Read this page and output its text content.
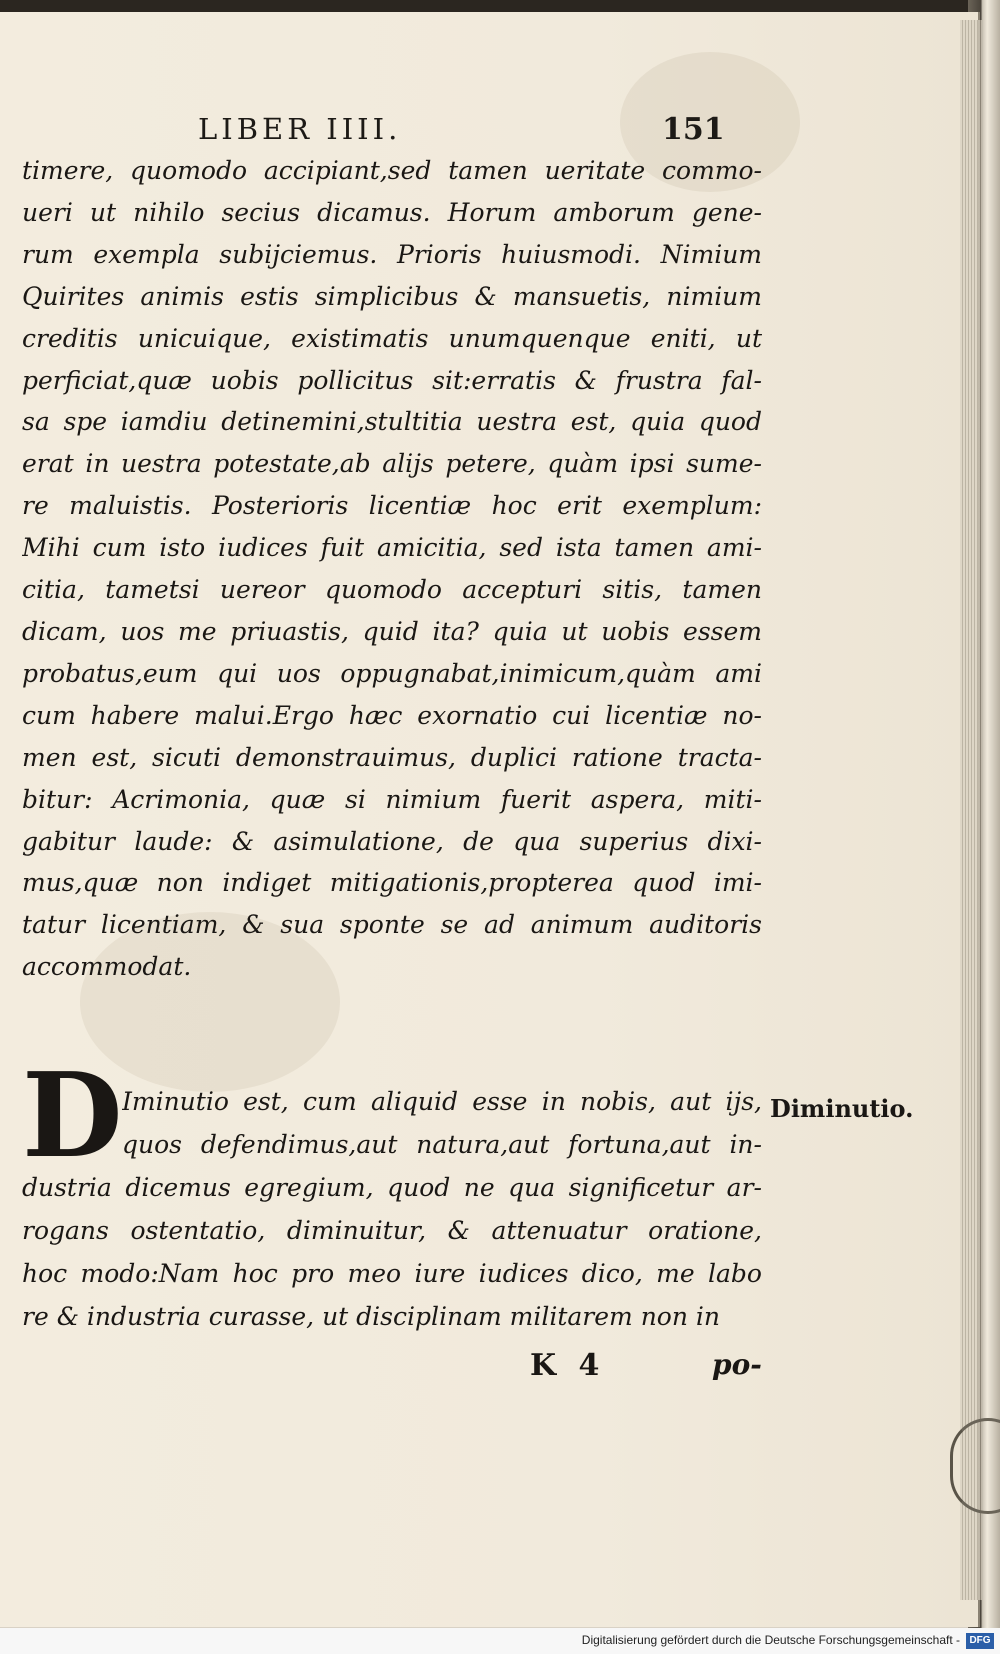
LIBER IIII.	151
timere, quomodo accipiant,sed tamen ueritate commo-
ueri ut nihilo secius dicamus. Horum amborum gene-
rum exempla subijciemus. Prioris huiusmodi. Nimium
Quirites animis estis simplicibus & mansuetis, nimium
creditis unicuique, existimatis unumquenque eniti, ut
perficiat,quæ uobis pollicitus sit:erratis & frustra fal-
sa spe iamdiu detinemini,stultitia uestra est, quia quod
erat in uestra potestate,ab alijs petere, quàm ipsi sume-
re maluistis. Posterioris licentiæ hoc erit exemplum:
Mihi cum isto iudices fuit amicitia, sed ista tamen ami-
citia, tametsi uereor quomodo accepturi sitis, tamen
dicam, uos me priuastis, quid ita? quia ut uobis essem
probatus,eum qui uos oppugnabat,inimicum,quàm ami
cum habere malui.Ergo hæc exornatio cui licentiæ no-
men est, sicuti demonstrauimus, duplici ratione tracta-
bitur: Acrimonia, quæ si nimium fuerit aspera, miti-
gabitur laude: & asimulatione, de qua superius dixi-
mus,quæ non indiget mitigationis,propterea quod imi-
tatur licentiam, & sua sponte se ad animum auditoris
accommodat.
D Iminutio est, cum aliquid esse in nobis, aut ijs,
quos defendimus,aut natura,aut fortuna,aut in-
dustria dicemus egregium, quod ne qua significetur ar-
rogans ostentatio, diminuitur, & attenuatur oratione,
hoc modo:Nam hoc pro meo iure iudices dico, me labo
re & industria curasse, ut disciplinam militarem non in
Diminutio.
K 4	po-
Digitalisierung gefördert durch die Deutsche Forschungsgemeinschaft - DFG
